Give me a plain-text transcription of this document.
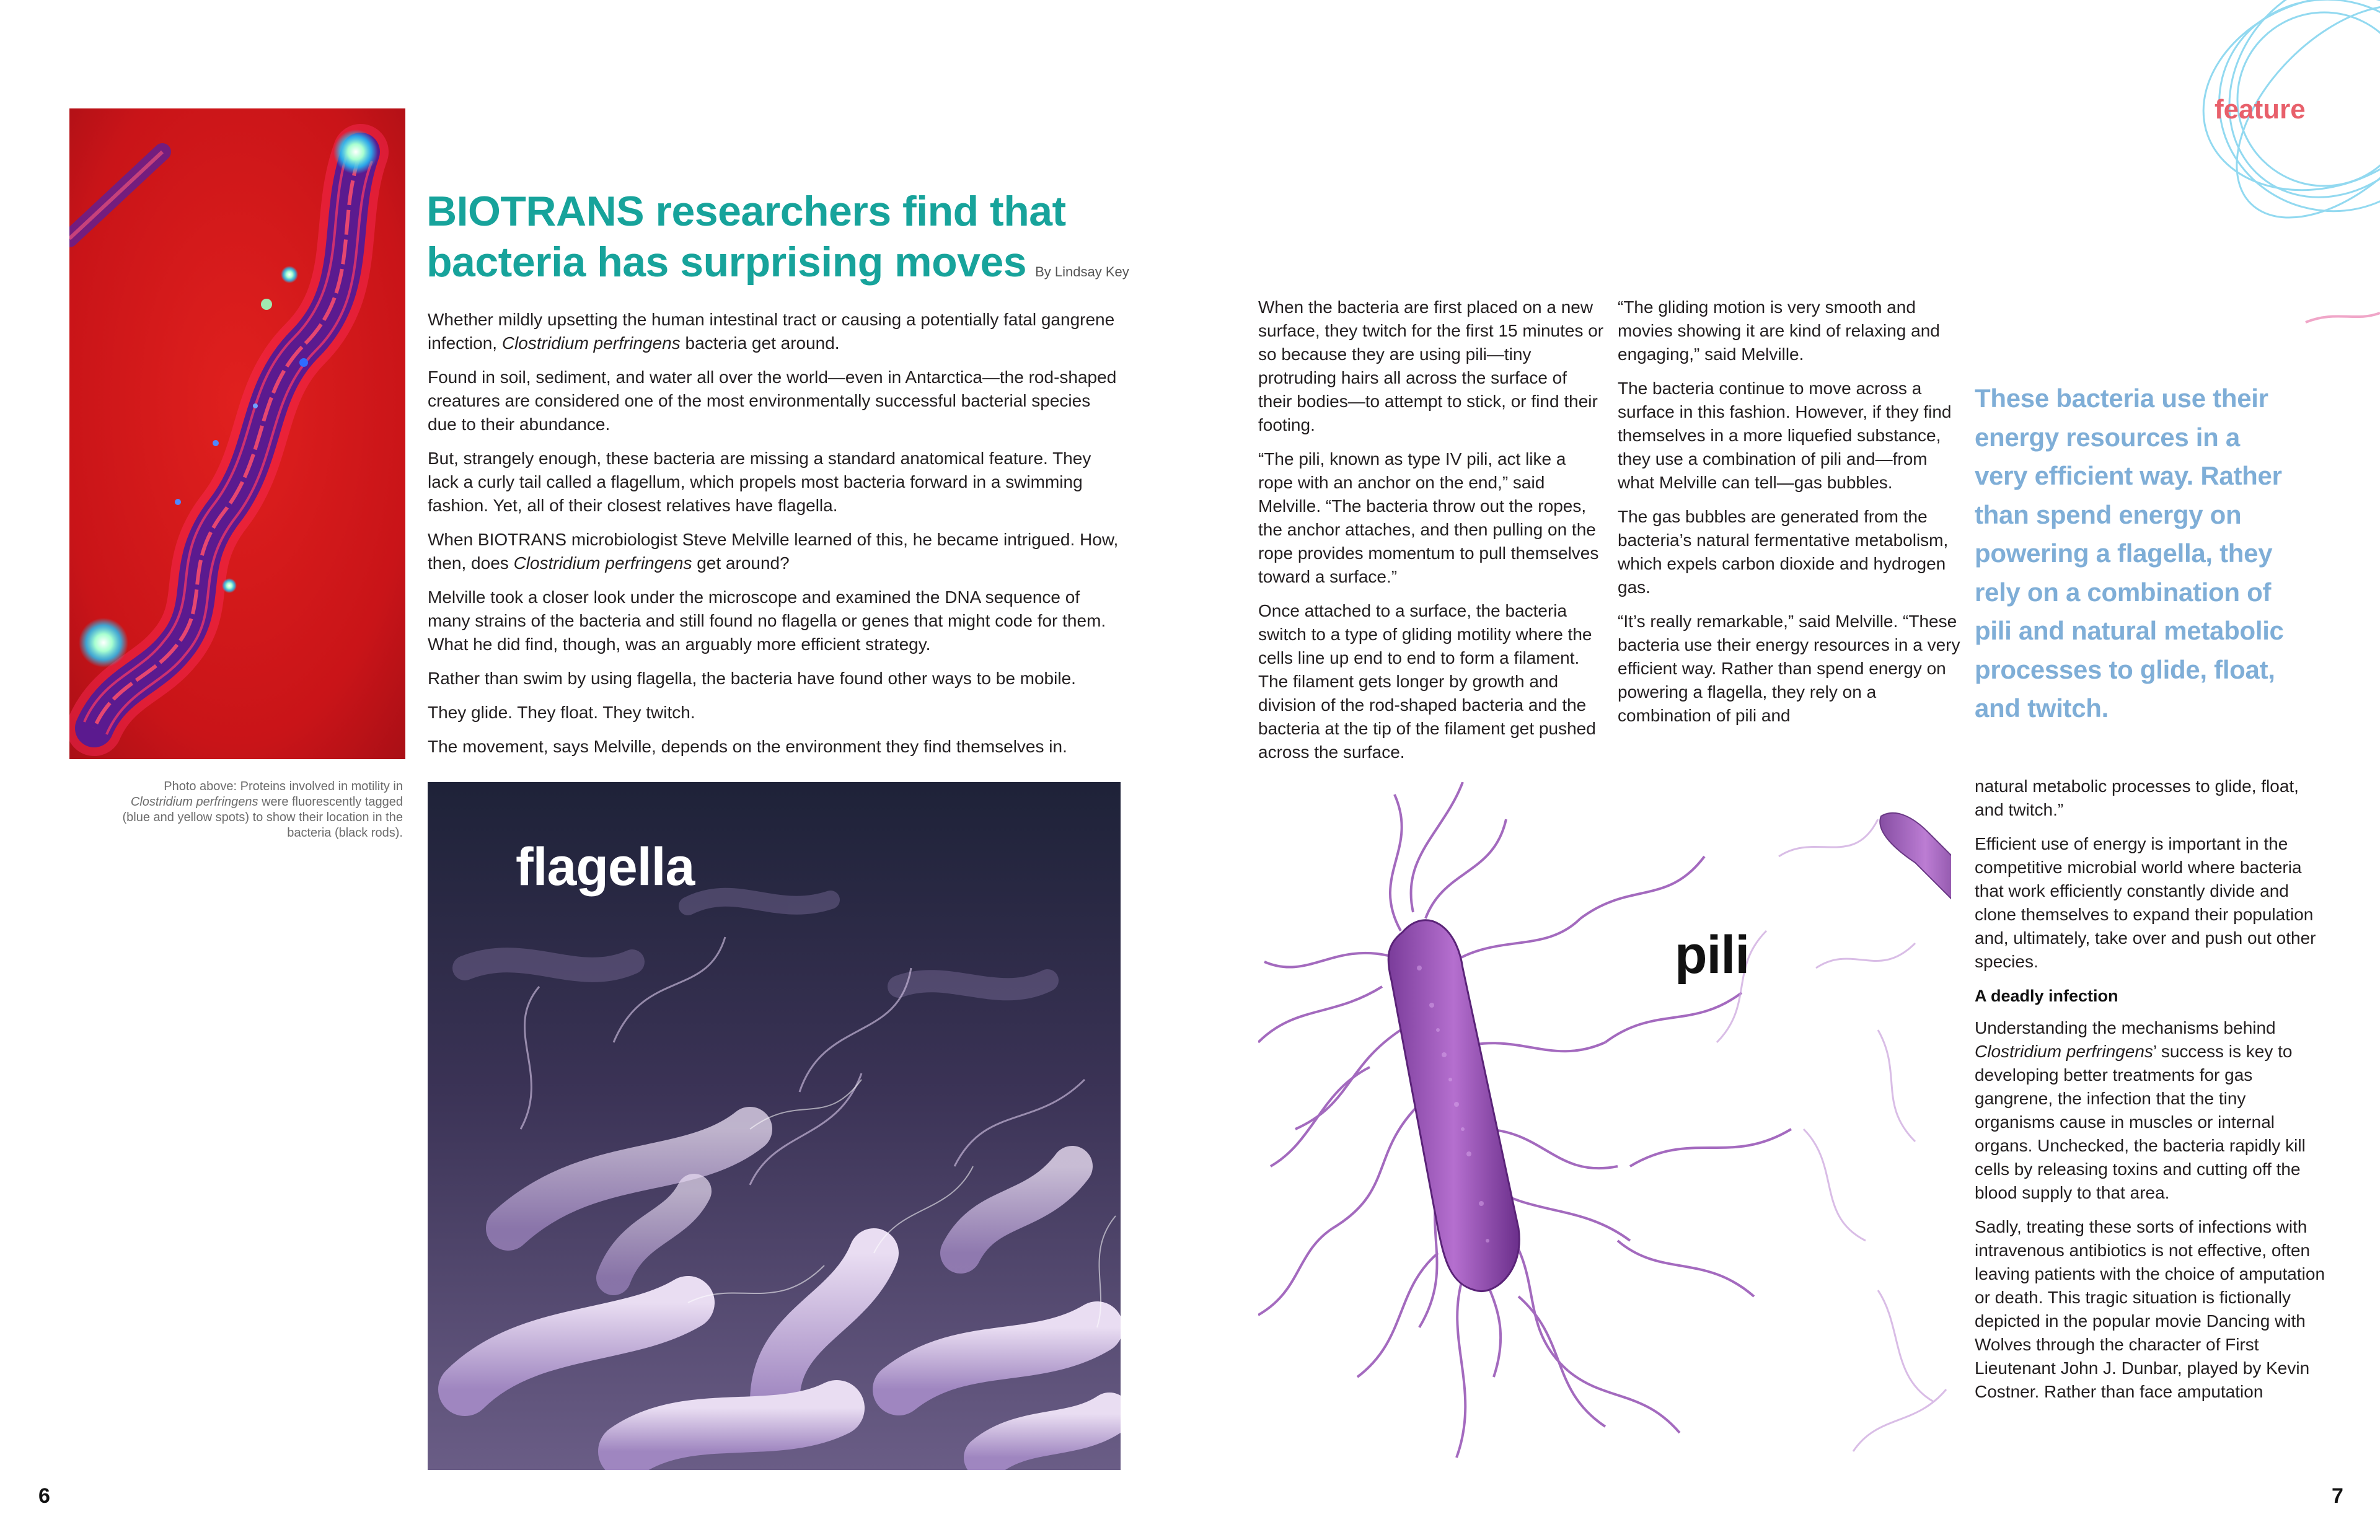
Photo above: Proteins involved in motility in Clostridium perfringens were fluorescently tagged (blue and yellow spots) to show their location in the bacteria (black rods).
BIOTRANS researchers find that
bacteria has surprising moves By Lindsay Key

Whether mildly upsetting the human intestinal tract or causing a potentially fatal gangrene infection, Clostridium perfringens bacteria get around.

Found in soil, sediment, and water all over the world—even in Antarctica—the rod-shaped creatures are considered one of the most environmentally successful bacterial species due to their abundance.

But, strangely enough, these bacteria are missing a standard anatomical feature. They lack a curly tail called a flagellum, which propels most bacteria forward in a swimming fashion. Yet, all of their closest relatives have flagella.

When BIOTRANS microbiologist Steve Melville learned of this, he became intrigued. How, then, does Clostridium perfringens get around?

Melville took a closer look under the microscope and examined the DNA sequence of many strains of the bacteria and still found no flagella or genes that might code for them. What he did find, though, was an arguably more efficient strategy.

Rather than swim by using flagella, the bacteria have found other ways to be mobile.

They glide. They float. They twitch.

The movement, says Melville, depends on the environment they find themselves in.

flagella
6
feature

When the bacteria are first placed on a new surface, they twitch for the first 15 minutes or so because they are using pili—tiny protruding hairs all across the surface of their bodies—to attempt to stick, or find their footing.

“The pili, known as type IV pili, act like a rope with an anchor on the end,” said Melville. “The bacteria throw out the ropes, the anchor attaches, and then pulling on the rope provides momentum to pull themselves toward a surface.”

Once attached to a surface, the bacteria switch to a type of gliding motility where the cells line up end to end to form a filament. The filament gets longer by growth and division of the rod-shaped bacteria and the bacteria at the tip of the filament get pushed across the surface.

“The gliding motion is very smooth and movies showing it are kind of relaxing and engaging,” said Melville.

The bacteria continue to move across a surface in this fashion. However, if they find themselves in a more liquefied substance, they use a combination of pili and—from what Melville can tell—gas bubbles.

The gas bubbles are generated from the bacteria’s natural fermentative metabolism, which expels carbon dioxide and hydrogen gas.

“It’s really remarkable,” said Melville. “These bacteria use their energy resources in a very efficient way. Rather than spend energy on powering a flagella, they rely on a combination of pili and

These bacteria use their energy resources in a very efficient way. Rather than spend energy on powering a flagella, they rely on a combination of pili and natural metabolic processes to glide, float, and twitch.

natural metabolic processes to glide, float, and twitch.”

Efficient use of energy is important in the competitive microbial world where bacteria that work efficiently constantly divide and clone themselves to expand their population and, ultimately, take over and push out other species.

A deadly infection

Understanding the mechanisms behind Clostridium perfringens’ success is key to developing better treatments for gas gangrene, the infection that the tiny organisms cause in muscles or internal organs. Unchecked, the bacteria rapidly kill cells by releasing toxins and cutting off the blood supply to that area.

Sadly, treating these sorts of infections with intravenous antibiotics is not effective, often leaving patients with the choice of amputation or death. This tragic situation is fictionally depicted in the popular movie Dancing with Wolves through the character of First Lieutenant John J. Dunbar, played by Kevin Costner. Rather than face amputation

pili
7
